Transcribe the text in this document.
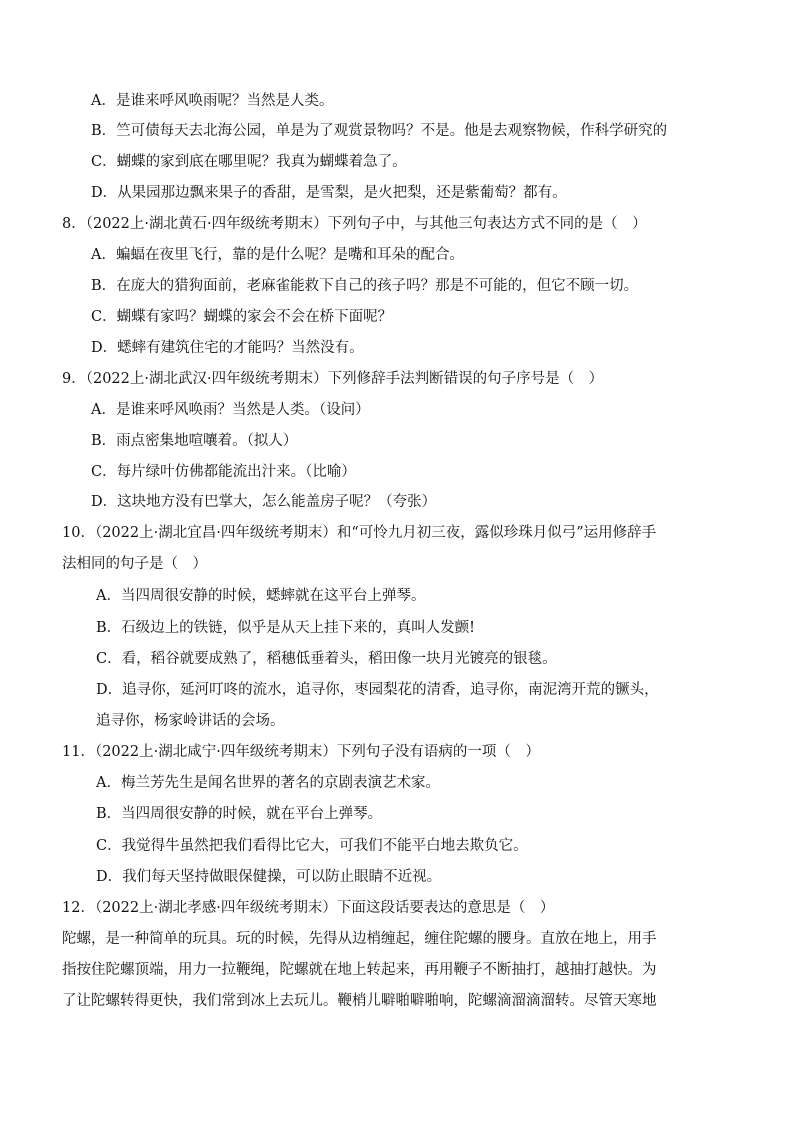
A．是谁来呼风唤雨呢？当然是人类。
B．竺可债每天去北海公园，单是为了观赏景物吗？不是。他是去观察物候，作科学研究的
C．蝴蝶的家到底在哪里呢？我真为蝴蝶着急了。
D．从果园那边飘来果子的香甜，是雪梨，是火把梨，还是紫葡萄？都有。
8．（2022上·湖北黄石·四年级统考期末）下列句子中，与其他三句表达方式不同的是（　）
A．蝙蝠在夜里飞行，靠的是什么呢？是嘴和耳朵的配合。
B．在庞大的猎狗面前，老麻雀能救下自己的孩子吗？那是不可能的，但它不顾一切。
C．蝴蝶有家吗？蝴蝶的家会不会在桥下面呢？
D．蟋蟀有建筑住宅的才能吗？当然没有。
9．（2022上·湖北武汉·四年级统考期末）下列修辞手法判断错误的句子序号是（　）
A．是谁来呼风唤雨？当然是人类。（设问）
B．雨点密集地喧嚷着。（拟人）
C．每片绿叶仿佛都能流出汁来。（比喻）
D．这块地方没有巴掌大，怎么能盖房子呢？（夸张）
10．（2022上·湖北宜昌·四年级统考期末）和“可怜九月初三夜，露似珍珠月似弓”运用修辞手
法相同的句子是（　）
A．当四周很安静的时候，蟋蟀就在这平台上弹琴。
B．石级边上的铁链，似乎是从天上挂下来的，真叫人发颤!
C．看，稻谷就要成熟了，稻穗低垂着头，稻田像一块月光镀亮的银毯。
D．追寻你，延河叮咚的流水，追寻你，枣园梨花的清香，追寻你，南泥湾开荒的镢头，
追寻你，杨家岭讲话的会场。
11．（2022上·湖北咸宁·四年级统考期末）下列句子没有语病的一项（　）
A．梅兰芳先生是闻名世界的著名的京剧表演艺术家。
B．当四周很安静的时候，就在平台上弹琴。
C．我觉得牛虽然把我们看得比它大，可我们不能平白地去欺负它。
D．我们每天坚持做眼保健操，可以防止眼睛不近视。
12．（2022上·湖北孝感·四年级统考期末）下面这段话要表达的意思是（　）
陀螺，是一种简单的玩具。玩的时候，先得从边梢缠起，缠住陀螺的腰身。直放在地上，用手
指按住陀螺顶端，用力一拉鞭绳，陀螺就在地上转起来，再用鞭子不断抽打，越抽打越快。为
了让陀螺转得更快，我们常到冰上去玩儿。鞭梢儿噼啪噼啪响，陀螺滴溜滴溜转。尽管天寒地
